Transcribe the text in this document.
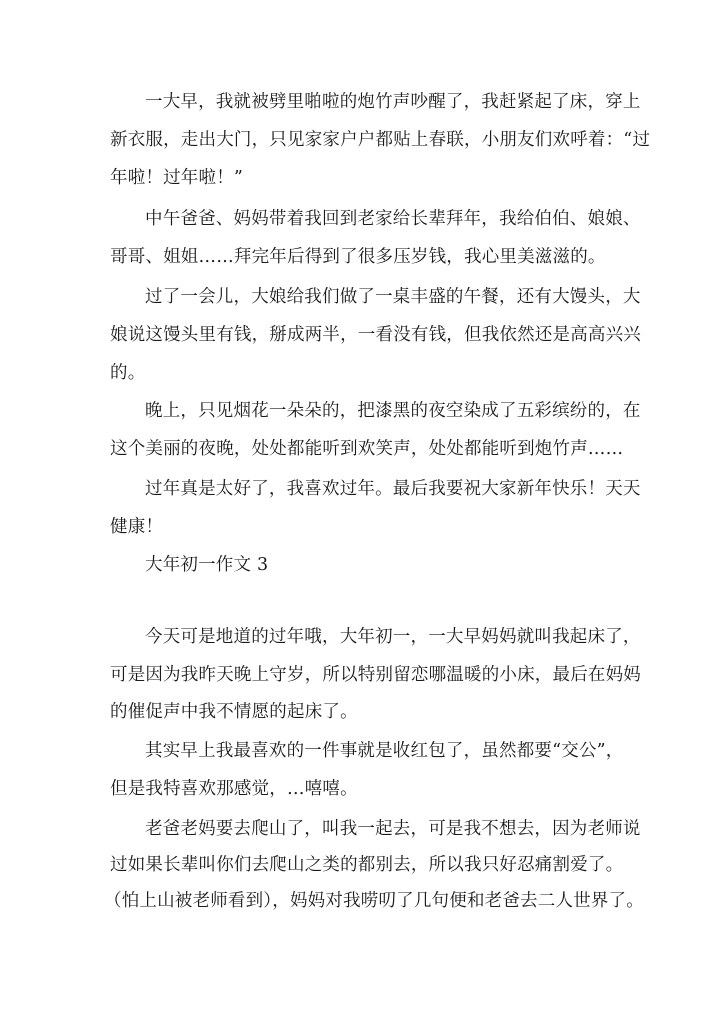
一大早，我就被劈里啪啦的炮竹声吵醒了，我赶紧起了床，穿上
新衣服，走出大门，只见家家户户都贴上春联，小朋友们欢呼着：“过
年啦！过年啦！”
中午爸爸、妈妈带着我回到老家给长辈拜年，我给伯伯、娘娘、
哥哥、姐姐……拜完年后得到了很多压岁钱，我心里美滋滋的。
过了一会儿，大娘给我们做了一桌丰盛的午餐，还有大馒头，大
娘说这馒头里有钱，掰成两半，一看没有钱，但我依然还是高高兴兴
的。
晚上，只见烟花一朵朵的，把漆黑的夜空染成了五彩缤纷的，在
这个美丽的夜晚，处处都能听到欢笑声，处处都能听到炮竹声……
过年真是太好了，我喜欢过年。最后我要祝大家新年快乐！天天
健康！
大年初一作文 3
今天可是地道的过年哦，大年初一，一大早妈妈就叫我起床了，
可是因为我昨天晚上守岁，所以特别留恋哪温暖的小床，最后在妈妈
的催促声中我不情愿的起床了。
其实早上我最喜欢的一件事就是收红包了，虽然都要“交公”，
但是我特喜欢那感觉，…嘻嘻。
老爸老妈要去爬山了，叫我一起去，可是我不想去，因为老师说
过如果长辈叫你们去爬山之类的都别去，所以我只好忍痛割爱了。
（怕上山被老师看到），妈妈对我唠叨了几句便和老爸去二人世界了。
